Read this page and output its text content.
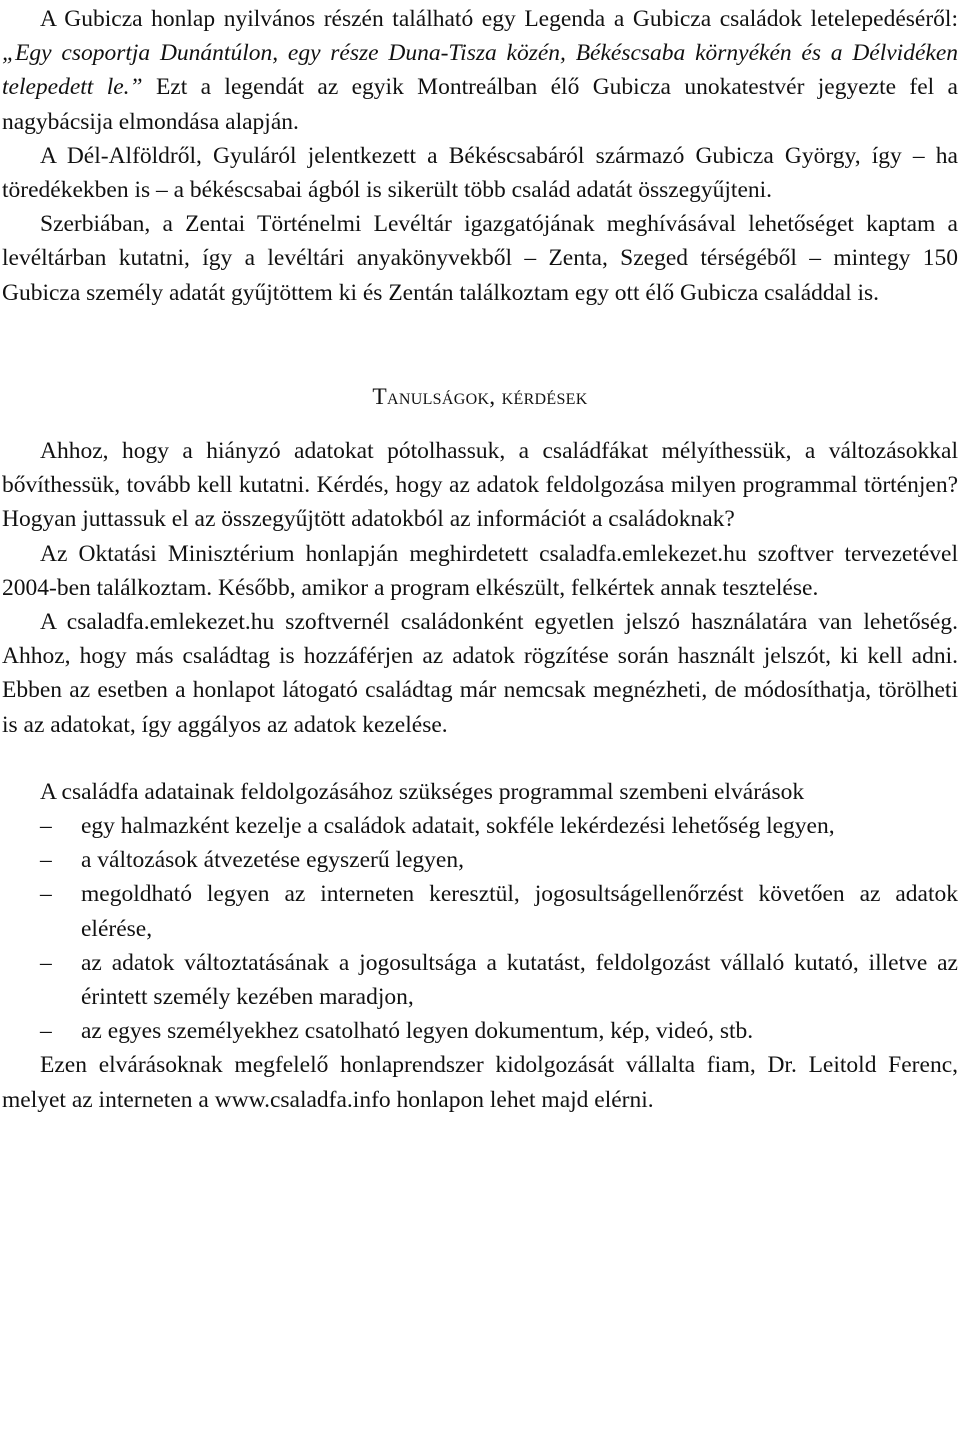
A Gubicza honlap nyilvános részén található egy Legenda a Gubicza családok letelepedéséről: „Egy csoportja Dunántúlon, egy része Duna-Tisza közén, Békéscsaba környékén és a Délvidéken telepedett le.” Ezt a legendát az egyik Montreálban élő Gubicza unokatestvér jegyezte fel a nagybácsija elmondása alapján.

A Dél-Alföldről, Gyuláról jelentkezett a Békéscsabáról származó Gubicza György, így – ha töredékekben is – a békéscsabai ágból is sikerült több család adatát összegyűjteni.

Szerbiában, a Zentai Történelmi Levéltár igazgatójának meghívásával lehetőséget kaptam a levéltárban kutatni, így a levéltári anyakönyvekből – Zenta, Szeged térségéből – mintegy 150 Gubicza személy adatát gyűjtöttem ki és Zentán találkoztam egy ott élő Gubicza családdal is.

Tanulságok, kérdések

Ahhoz, hogy a hiányzó adatokat pótolhassuk, a családfákat mélyíthessük, a változásokkal bővíthessük, tovább kell kutatni. Kérdés, hogy az adatok feldolgozása milyen programmal történjen? Hogyan juttassuk el az összegyűjtött adatokból az információt a családoknak?

Az Oktatási Minisztérium honlapján meghirdetett csaladfa.emlekezet.hu szoftver tervezetével 2004-ben találkoztam. Később, amikor a program elkészült, felkértek annak tesztelése.

A csaladfa.emlekezet.hu szoftvernél családonként egyetlen jelszó használatára van lehetőség. Ahhoz, hogy más családtag is hozzáférjen az adatok rögzítése során használt jelszót, ki kell adni. Ebben az esetben a honlapot látogató családtag már nemcsak megnézheti, de módosíthatja, törölheti is az adatokat, így aggályos az adatok kezelése.

A családfa adatainak feldolgozásához szükséges programmal szembeni elvárások

– egy halmazként kezelje a családok adatait, sokféle lekérdezési lehetőség legyen,
– a változások átvezetése egyszerű legyen,
– megoldható legyen az interneten keresztül, jogosultságellenőrzést követően az adatok elérése,
– az adatok változtatásának a jogosultsága a kutatást, feldolgozást vállaló kutató, illetve az érintett személy kezében maradjon,
– az egyes személyekhez csatolható legyen dokumentum, kép, videó, stb.

Ezen elvárásoknak megfelelő honlaprendszer kidolgozását vállalta fiam, Dr. Leitold Ferenc, melyet az interneten a www.csaladfa.info honlapon lehet majd elérni.
